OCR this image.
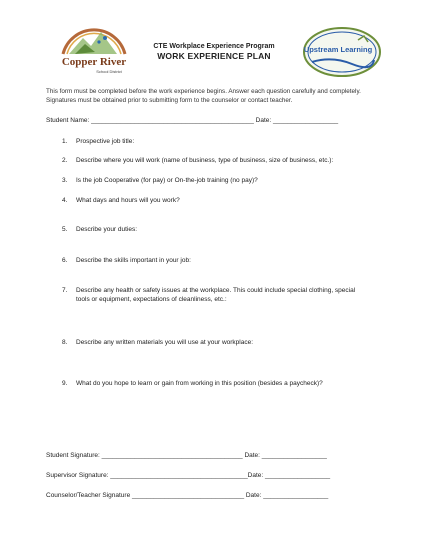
Copper River
School District
CTE Workplace Experience Program
WORK EXPERIENCE PLAN
Upstream Learning
This form must be completed before the work experience begins. Answer each question carefully and completely. Signatures must be obtained prior to submitting form to the counselor or contact teacher.
Student Name: _____________________________________________ Date: __________________
1. Prospective job title:
2. Describe where you will work (name of business, type of business, size of business, etc.):
3. Is the job Cooperative (for pay) or On-the-job training (no pay)?
4. What days and hours will you work?
5. Describe your duties:
6. Describe the skills important in your job:
7. Describe any health or safety issues at the workplace. This could include special clothing, special tools or equipment, expectations of cleanliness, etc.:
8. Describe any written materials you will use at your workplace:
9. What do you hope to learn or gain from working in this position (besides a paycheck)?
Student Signature: _______________________________________ Date: __________________
Supervisor Signature: ______________________________________Date: __________________
Counselor/Teacher Signature _______________________________ Date: __________________
